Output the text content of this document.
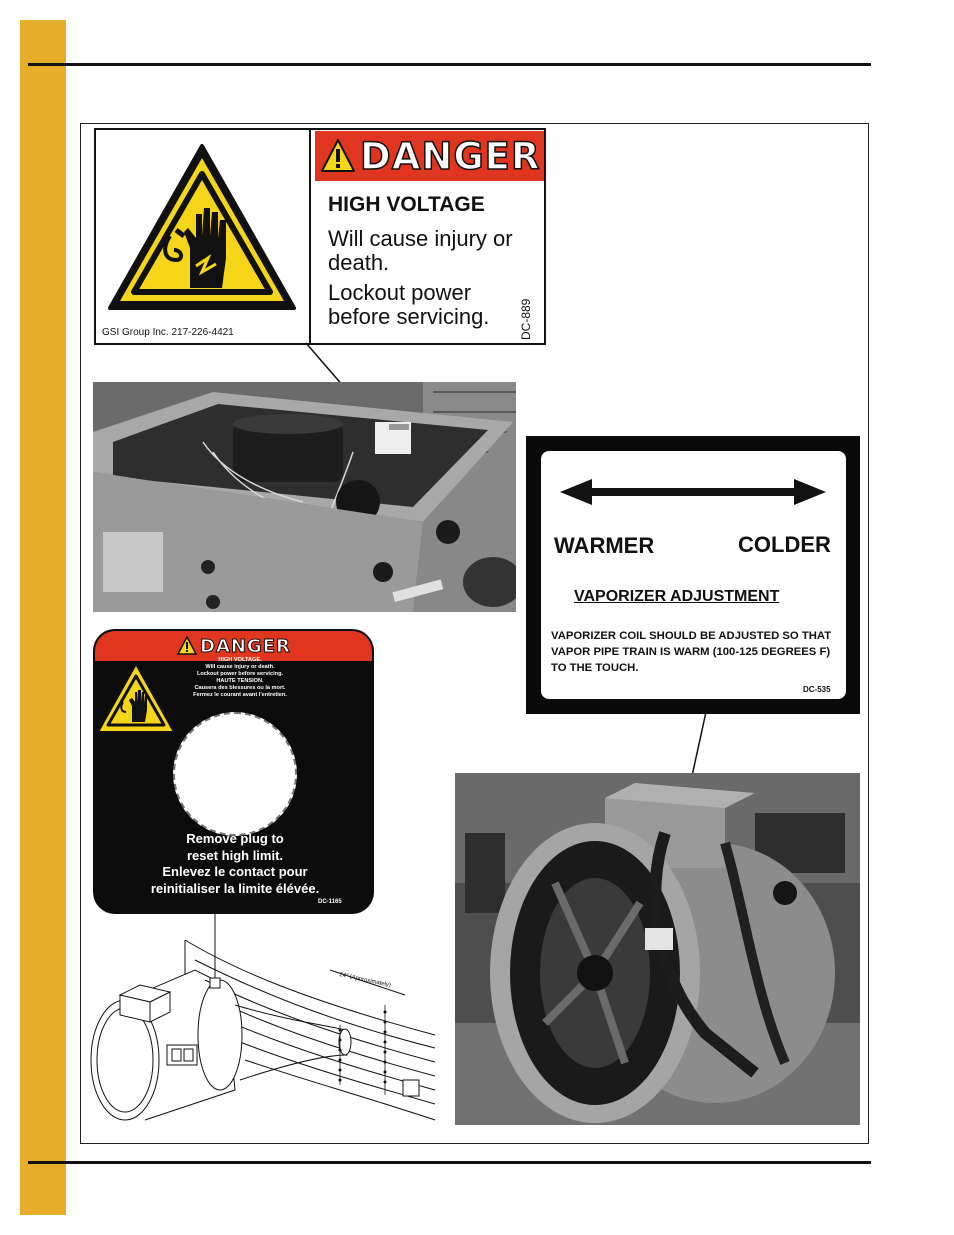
GSI Group Inc. 217-226-4421
DANGER
HIGH VOLTAGE
Will cause injury or death.
Lockout power before servicing.	DC-889
WARMER	COLDER
VAPORIZER ADJUSTMENT
VAPORIZER COIL SHOULD BE ADJUSTED SO THAT VAPOR PIPE TRAIN IS WARM (100-125 DEGREES F) TO THE TOUCH.
DC-535
DANGER
HIGH VOLTAGE.
Will cause injury or death.
Lockout power before servicing.
HAUTE TENSION.
Causera des blessures ou la mort.
Fermez le courant avant l'entretien.
Remove plug to
reset high limit.
Enlevez le contact pour
reinitialiser la limite élévée.
DC-1165
24" (Approximately)
